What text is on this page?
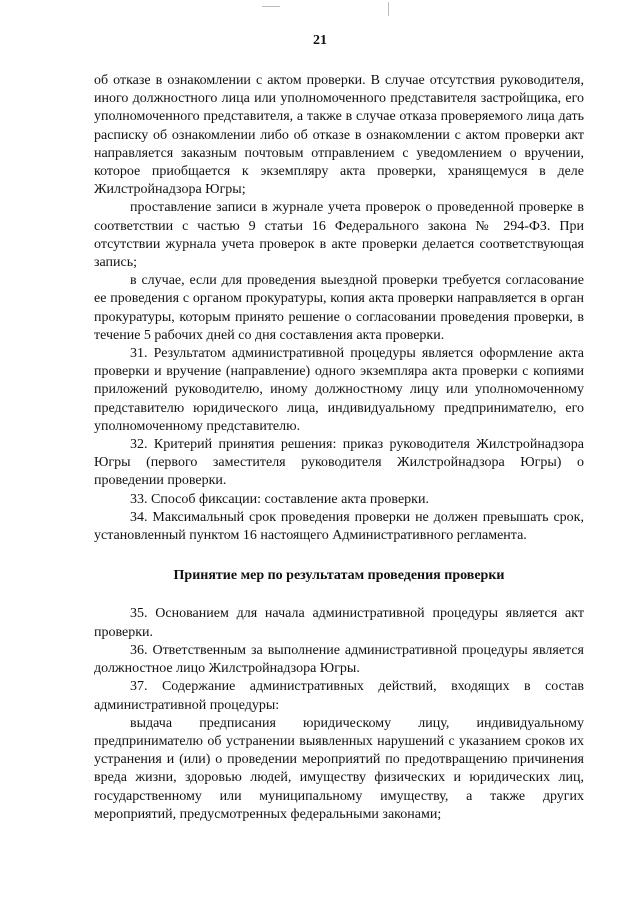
21

об отказе в ознакомлении с актом проверки. В случае отсутствия руководителя, иного должностного лица или уполномоченного представителя застройщика, его уполномоченного представителя, а также в случае отказа проверяемого лица дать расписку об ознакомлении либо об отказе в ознакомлении с актом проверки акт направляется заказным почтовым отправлением с уведомлением о вручении, которое приобщается к экземпляру акта проверки, хранящемуся в деле Жилстройнадзора Югры;

проставление записи в журнале учета проверок о проведенной проверке в соответствии с частью 9 статьи 16 Федерального закона № 294-ФЗ. При отсутствии журнала учета проверок в акте проверки делается соответствующая запись;

в случае, если для проведения выездной проверки требуется согласование ее проведения с органом прокуратуры, копия акта проверки направляется в орган прокуратуры, которым принято решение о согласовании проведения проверки, в течение 5 рабочих дней со дня составления акта проверки.

31. Результатом административной процедуры является оформление акта проверки и вручение (направление) одного экземпляра акта проверки с копиями приложений руководителю, иному должностному лицу или уполномоченному представителю юридического лица, индивидуальному предпринимателю, его уполномоченному представителю.

32. Критерий принятия решения: приказ руководителя Жилстройнадзора Югры (первого заместителя руководителя Жилстройнадзора Югры) о проведении проверки.

33. Способ фиксации: составление акта проверки.

34. Максимальный срок проведения проверки не должен превышать срок, установленный пунктом 16 настоящего Административного регламента.

Принятие мер по результатам проведения проверки

35. Основанием для начала административной процедуры является акт проверки.

36. Ответственным за выполнение административной процедуры является должностное лицо Жилстройнадзора Югры.

37. Содержание административных действий, входящих в состав административной процедуры:

выдача предписания юридическому лицу, индивидуальному предпринимателю об устранении выявленных нарушений с указанием сроков их устранения и (или) о проведении мероприятий по предотвращению причинения вреда жизни, здоровью людей, имуществу физических и юридических лиц, государственному или муниципальному имуществу, а также других мероприятий, предусмотренных федеральными законами;
